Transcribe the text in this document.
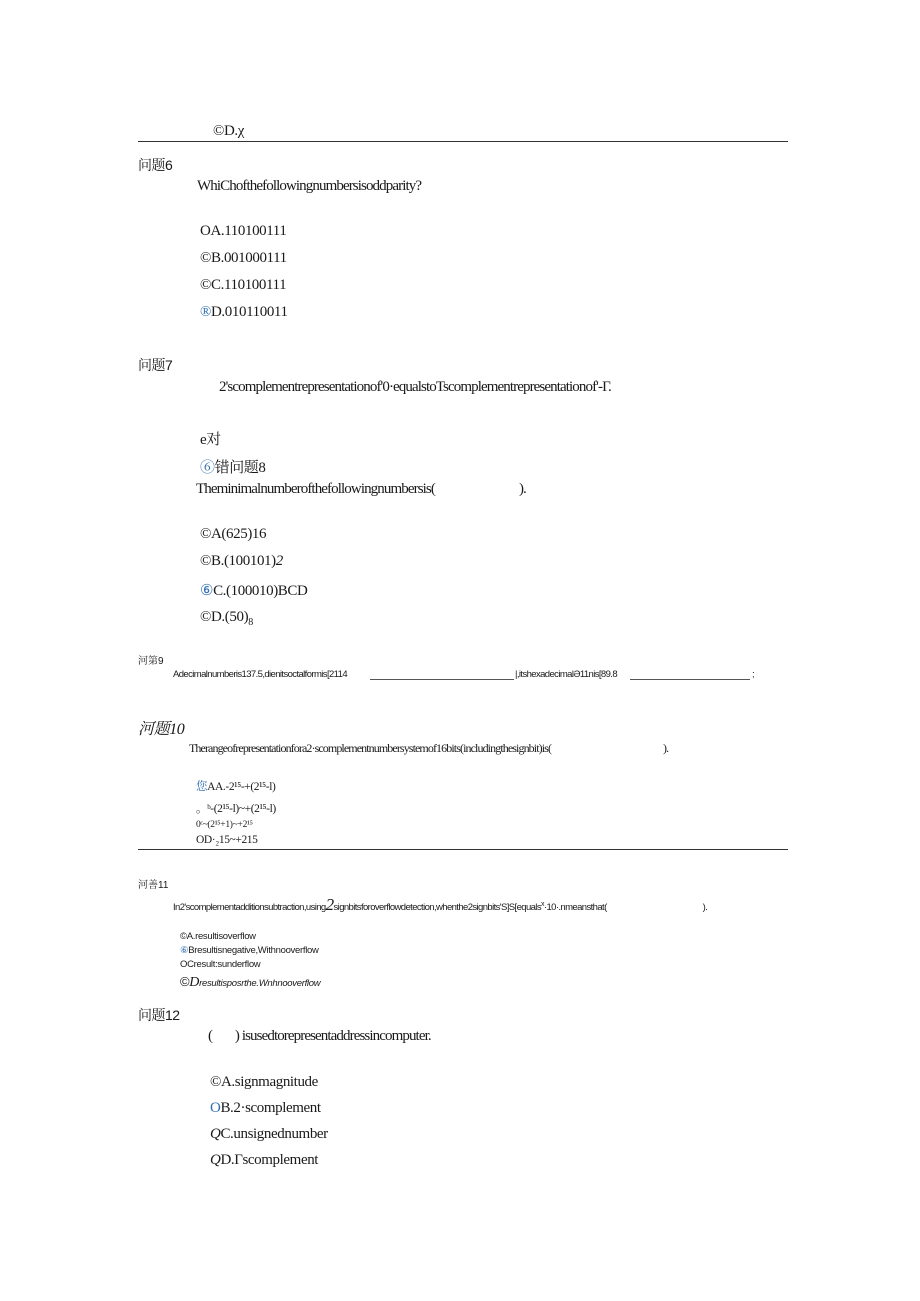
©D.χ
问题6
WhiChofthefollowingnumbersisoddparity?
OA.110100111
©B.001000111
©C.110100111
®D.010110011
问题7
2'scomplementrepresentationof'0·equalstoTscomplementrepresentationof'-Γ.
e对
⑥错问题8
Theminimalnumberofthefollowingnumbersis(	).
©A(625)16
©B.(100101)2
⑥C.(100010)BCD
$©D.(50)_8$
河第9
Adecimalnumberis137.5,dienitsoctalformis[2114	|,itshexadecimalƏ11nis[89.8	;
河题10
Therangeofrepresentationfora2·scomplementnumbersystemof16bits(includingthesignbit)is(	).
您AA.-2¹⁵-+(2¹⁵-l)
。ᵇ-(2¹⁵-l)~+(2¹⁵-l)
0ᶜ~(2¹⁵+1)~+2¹⁵
OD·₂15~+215
河善11
In2'scomplementadditionsubtraction,using2signbitsforoverflowdetection,whenthe2signbits'S]S[equals$^x$·10·.nmeansthat(	).
©A.resultisoverflow
⑥Bresultisnegative,Withnooverflow
OCresult:sunderflow
©Dresultisposrthe.Wnhnooverflow
问题12
(        ) isusedtorepresentaddressincomputer.
©A.signmagnitude
OB.2·scomplement
QC.unsignednumber
QD.Γscomplement
